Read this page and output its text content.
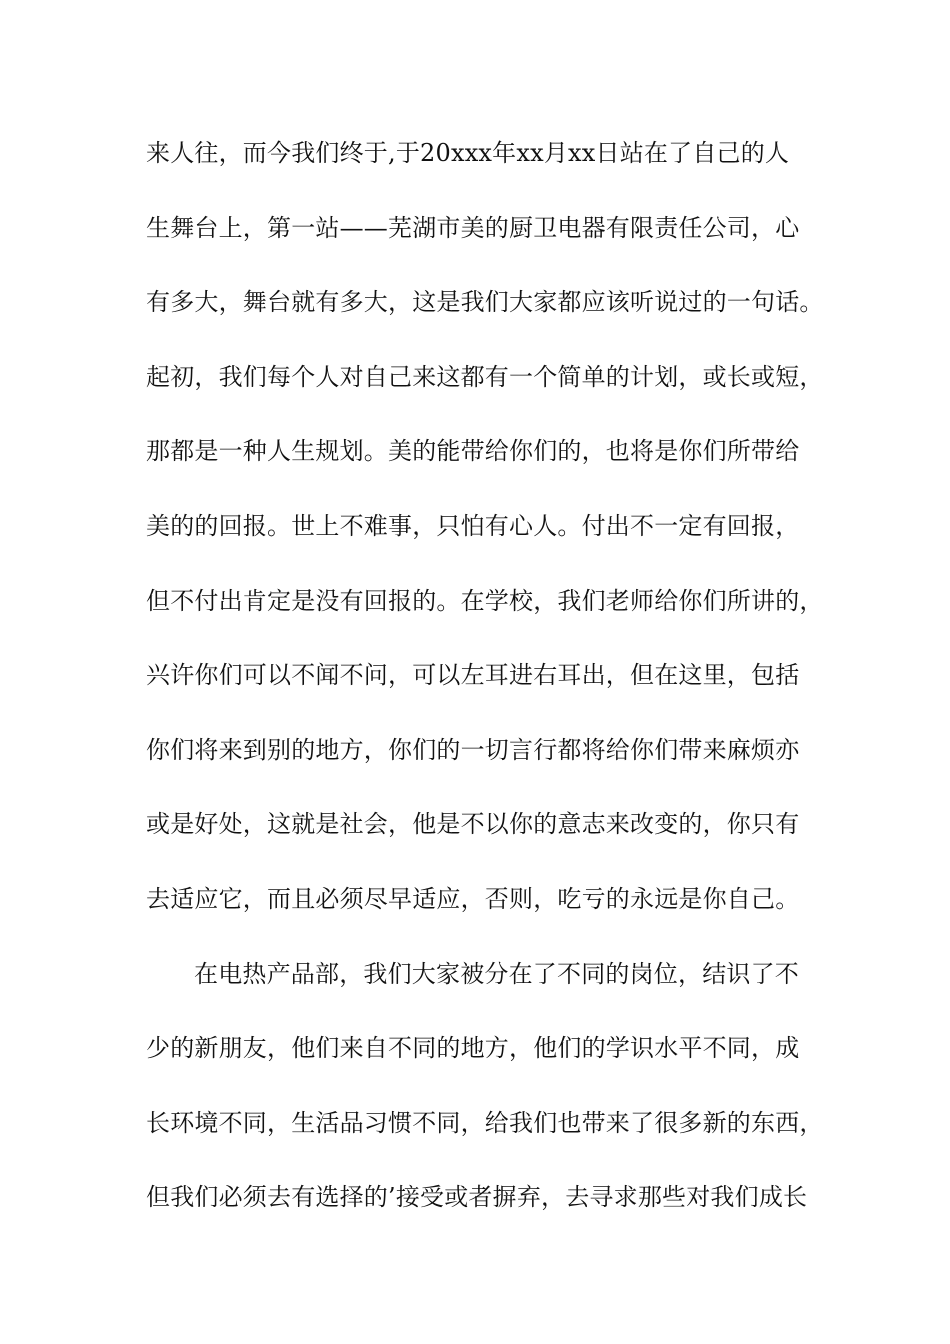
来人往，而今我们终于,于20xxx年xx月xx日站在了自己的人
生舞台上，第一站——芜湖市美的厨卫电器有限责任公司，心
有多大，舞台就有多大，这是我们大家都应该听说过的一句话。
起初，我们每个人对自己来这都有一个简单的计划，或长或短，
那都是一种人生规划。美的能带给你们的，也将是你们所带给
美的的回报。世上不难事，只怕有心人。付出不一定有回报，
但不付出肯定是没有回报的。在学校，我们老师给你们所讲的，
兴许你们可以不闻不问，可以左耳进右耳出，但在这里，包括
你们将来到别的地方，你们的一切言行都将给你们带来麻烦亦
或是好处，这就是社会，他是不以你的意志来改变的，你只有
去适应它，而且必须尽早适应，否则，吃亏的永远是你自己。
在电热产品部，我们大家被分在了不同的岗位，结识了不
少的新朋友，他们来自不同的地方，他们的学识水平不同，成
长环境不同，生活品习惯不同，给我们也带来了很多新的东西，
但我们必须去有选择的’接受或者摒弃，去寻求那些对我们成长
